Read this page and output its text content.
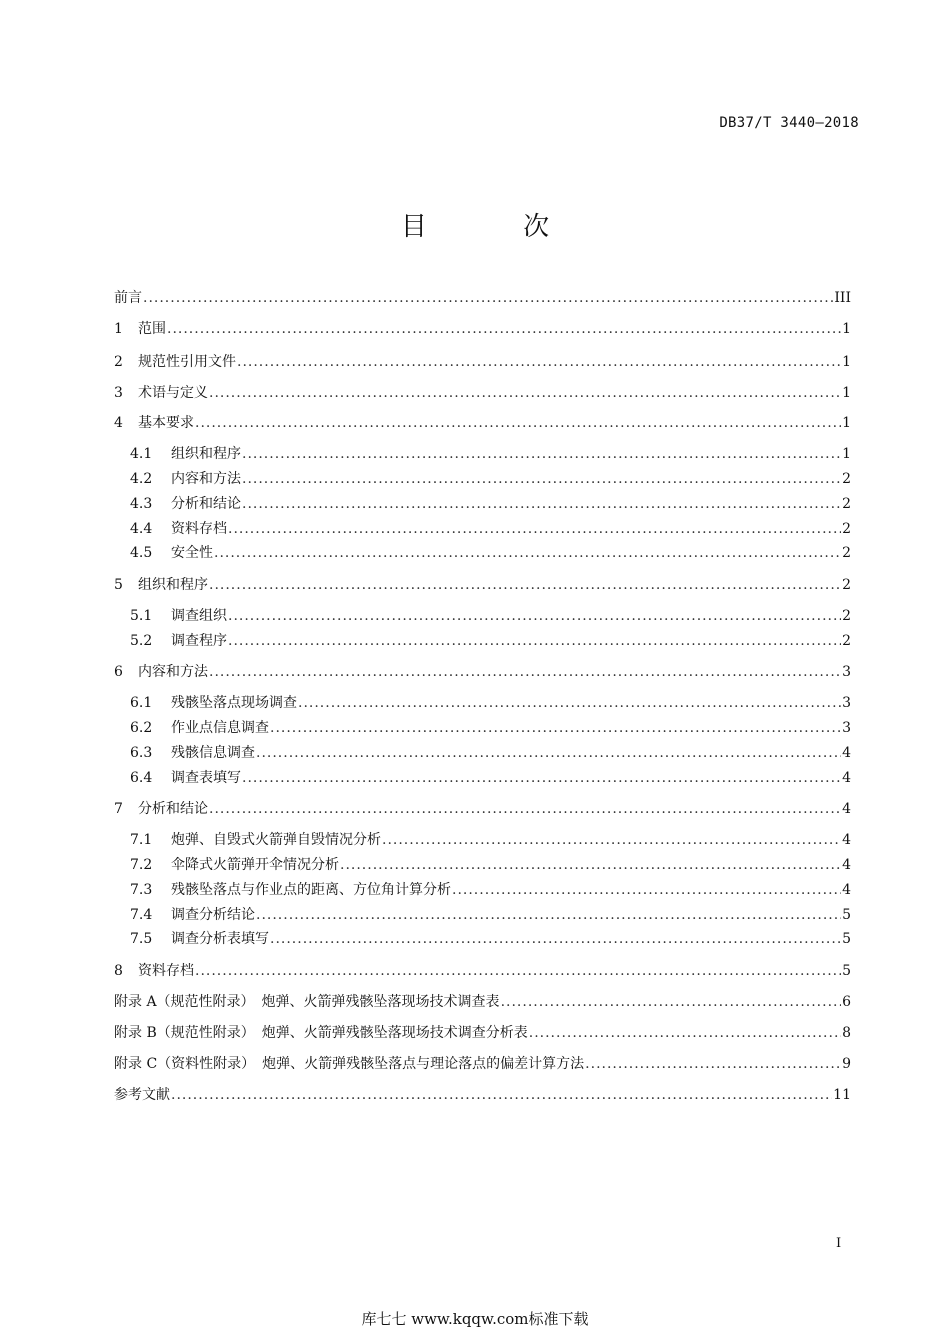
DB37/T 3440—2018
目 次
前言 .....	III
1	范围 .....	1
2	规范性引用文件 .....	1
3	术语与定义 .....	1
4	基本要求 .....	1
4.1	组织和程序 .....	1
4.2	内容和方法 .....	2
4.3	分析和结论 .....	2
4.4	资料存档 .....	2
4.5	安全性 .....	2
5	组织和程序 .....	2
5.1	调查组织 .....	2
5.2	调查程序 .....	2
6	内容和方法 .....	3
6.1	残骸坠落点现场调查 .....	3
6.2	作业点信息调查 .....	3
6.3	残骸信息调查 .....	4
6.4	调查表填写 .....	4
7	分析和结论 .....	4
7.1	炮弹、自毁式火箭弹自毁情况分析 .....	4
7.2	伞降式火箭弹开伞情况分析 .....	4
7.3	残骸坠落点与作业点的距离、方位角计算分析 .....	4
7.4	调查分析结论 .....	5
7.5	调查分析表填写 .....	5
8	资料存档 .....	5
附录 A（规范性附录）　炮弹、火箭弹残骸坠落现场技术调查表 .....	6
附录 B（规范性附录）　炮弹、火箭弹残骸坠落现场技术调查分析表 .....	8
附录 C（资料性附录）　炮弹、火箭弹残骸坠落点与理论落点的偏差计算方法 .....	9
参考文献 .....	11
I
库七七 www.kqqw.com标准下载
